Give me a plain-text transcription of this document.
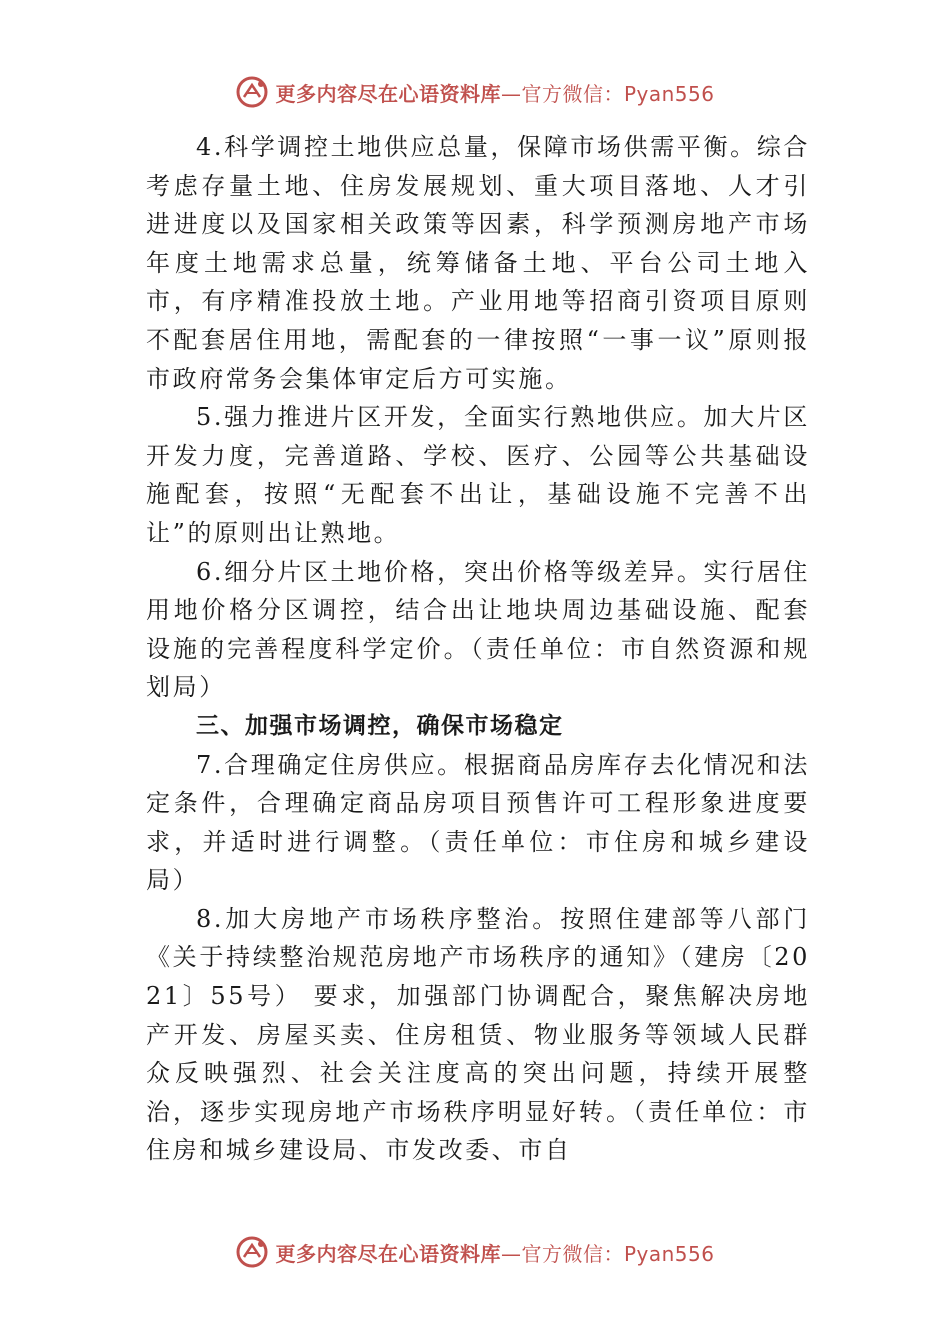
更多内容尽在心语资料库—官方微信：Pyan556

4.科学调控土地供应总量，保障市场供需平衡。综合考虑存量土地、住房发展规划、重大项目落地、人才引进进度以及国家相关政策等因素，科学预测房地产市场年度土地需求总量，统筹储备土地、平台公司土地入市，有序精准投放土地。产业用地等招商引资项目原则不配套居住用地，需配套的一律按照“一事一议”原则报市政府常务会集体审定后方可实施。

5.强力推进片区开发，全面实行熟地供应。加大片区开发力度，完善道路、学校、医疗、公园等公共基础设施配套，按照“无配套不出让，基础设施不完善不出让”的原则出让熟地。

6.细分片区土地价格，突出价格等级差异。实行居住用地价格分区调控，结合出让地块周边基础设施、配套设施的完善程度科学定价。（责任单位：市自然资源和规划局）

三、加强市场调控，确保市场稳定

7.合理确定住房供应。根据商品房库存去化情况和法定条件，合理确定商品房项目预售许可工程形象进度要求，并适时进行调整。（责任单位：市住房和城乡建设局）

8.加大房地产市场秩序整治。按照住建部等八部门《关于持续整治规范房地产市场秩序的通知》（建房〔2021〕55号） 要求，加强部门协调配合，聚焦解决房地产开发、房屋买卖、住房租赁、物业服务等领域人民群众反映强烈、社会关注度高的突出问题，持续开展整治，逐步实现房地产市场秩序明显好转。（责任单位：市住房和城乡建设局、市发改委、市自

更多内容尽在心语资料库—官方微信：Pyan556
